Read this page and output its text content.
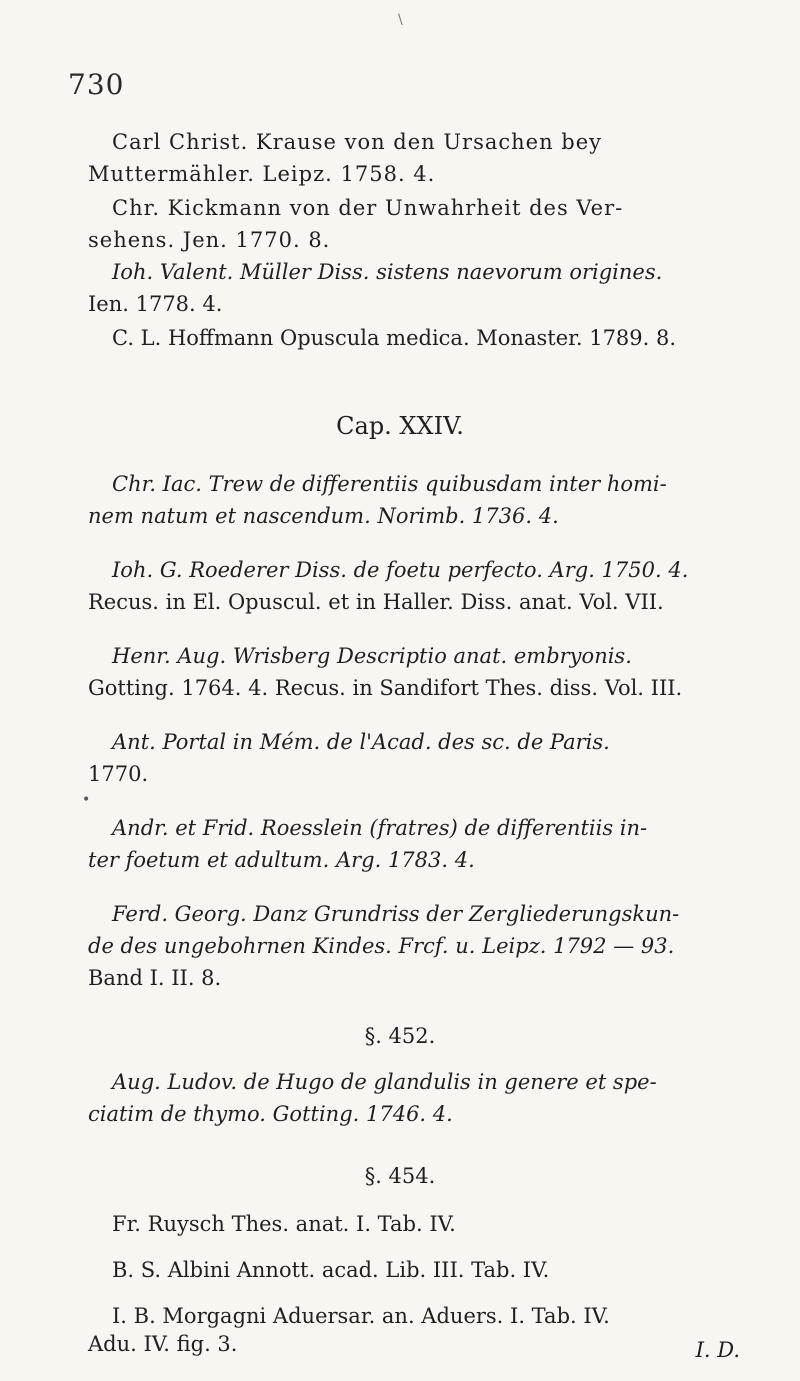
\
730
Carl Christ. Krause von den Ursachen bey
Muttermähler. Leipz. 1758. 4.
Chr. Kickmann von der Unwahrheit des Ver-
sehens. Jen. 1770. 8.
Ioh. Valent. Müller Diss. sistens naevorum origines.
Ien. 1778. 4.
C. L. Hoffmann Opuscula medica. Monaster. 1789. 8.
Cap. XXIV.
Chr. Iac. Trew de differentiis quibusdam inter homi-
nem natum et nascendum. Norimb. 1736. 4.
Ioh. G. Roederer Diss. de foetu perfecto. Arg. 1750. 4.
Recus. in El. Opuscul. et in Haller. Diss. anat. Vol. VII.
Henr. Aug. Wrisberg Descriptio anat. embryonis.
Gotting. 1764. 4. Recus. in Sandifort Thes. diss. Vol. III.
Ant. Portal in Mém. de l'Acad. des sc. de Paris.
1770.
•
Andr. et Frid. Roesslein (fratres) de differentiis in-
ter foetum et adultum. Arg. 1783. 4.
Ferd. Georg. Danz Grundriss der Zergliederungskun-
de des ungebohrnen Kindes. Frcf. u. Leipz. 1792 — 93.
Band I. II. 8.
§. 452.
Aug. Ludov. de Hugo de glandulis in genere et spe-
ciatim de thymo. Gotting. 1746. 4.
§. 454.
Fr. Ruysch Thes. anat. I. Tab. IV.
B. S. Albini Annott. acad. Lib. III. Tab. IV.
I. B. Morgagni Aduersar. an. Aduers. I. Tab. IV.
Adu. IV. fig. 3.	I. D.
